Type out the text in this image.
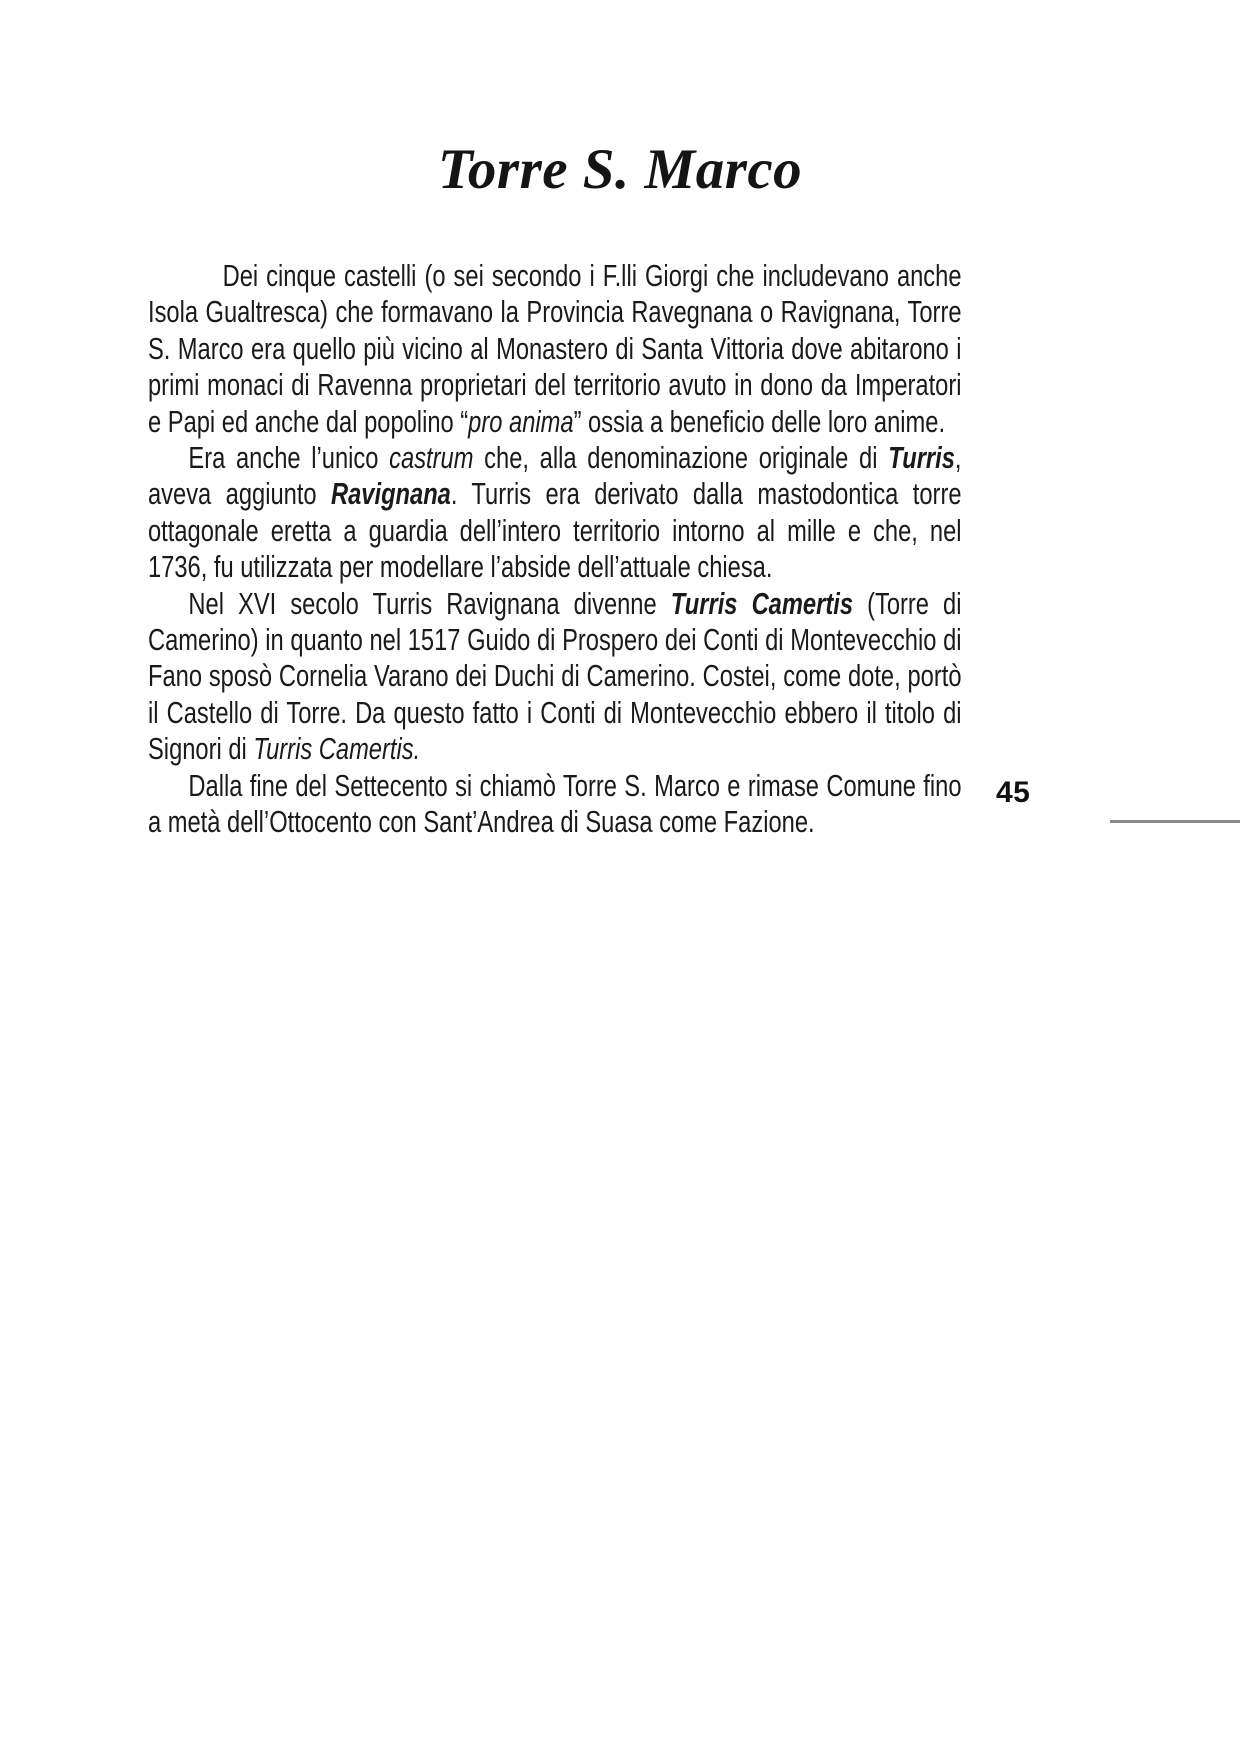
Torre S. Marco

Dei cinque castelli (o sei secondo i F.lli Giorgi che includevano anche Isola Gualtresca) che formavano la Provincia Ravegnana o Ravignana, Torre S. Marco era quello più vicino al Monastero di Santa Vittoria dove abitarono i primi monaci di Ravenna proprietari del territorio avuto in dono da Imperatori e Papi ed anche dal popolino “pro anima” ossia a beneficio delle loro anime.

Era anche l’unico castrum che, alla denominazione originale di Turris, aveva aggiunto Ravignana. Turris era derivato dalla mastodontica torre ottagonale eretta a guardia dell’intero territorio intorno al mille e che, nel 1736, fu utilizzata per modellare l’abside dell’attuale chiesa.

Nel XVI secolo Turris Ravignana divenne Turris Camertis (Torre di Camerino) in quanto nel 1517 Guido di Prospero dei Conti di Montevecchio di Fano sposò Cornelia Varano dei Duchi di Camerino. Costei, come dote, portò il Castello di Torre. Da questo fatto i Conti di Montevecchio ebbero il titolo di Signori di Turris Camertis.

Dalla fine del Settecento si chiamò Torre S. Marco e rimase Comune fino a metà dell’Ottocento con Sant’Andrea di Suasa come Fazione.

45
